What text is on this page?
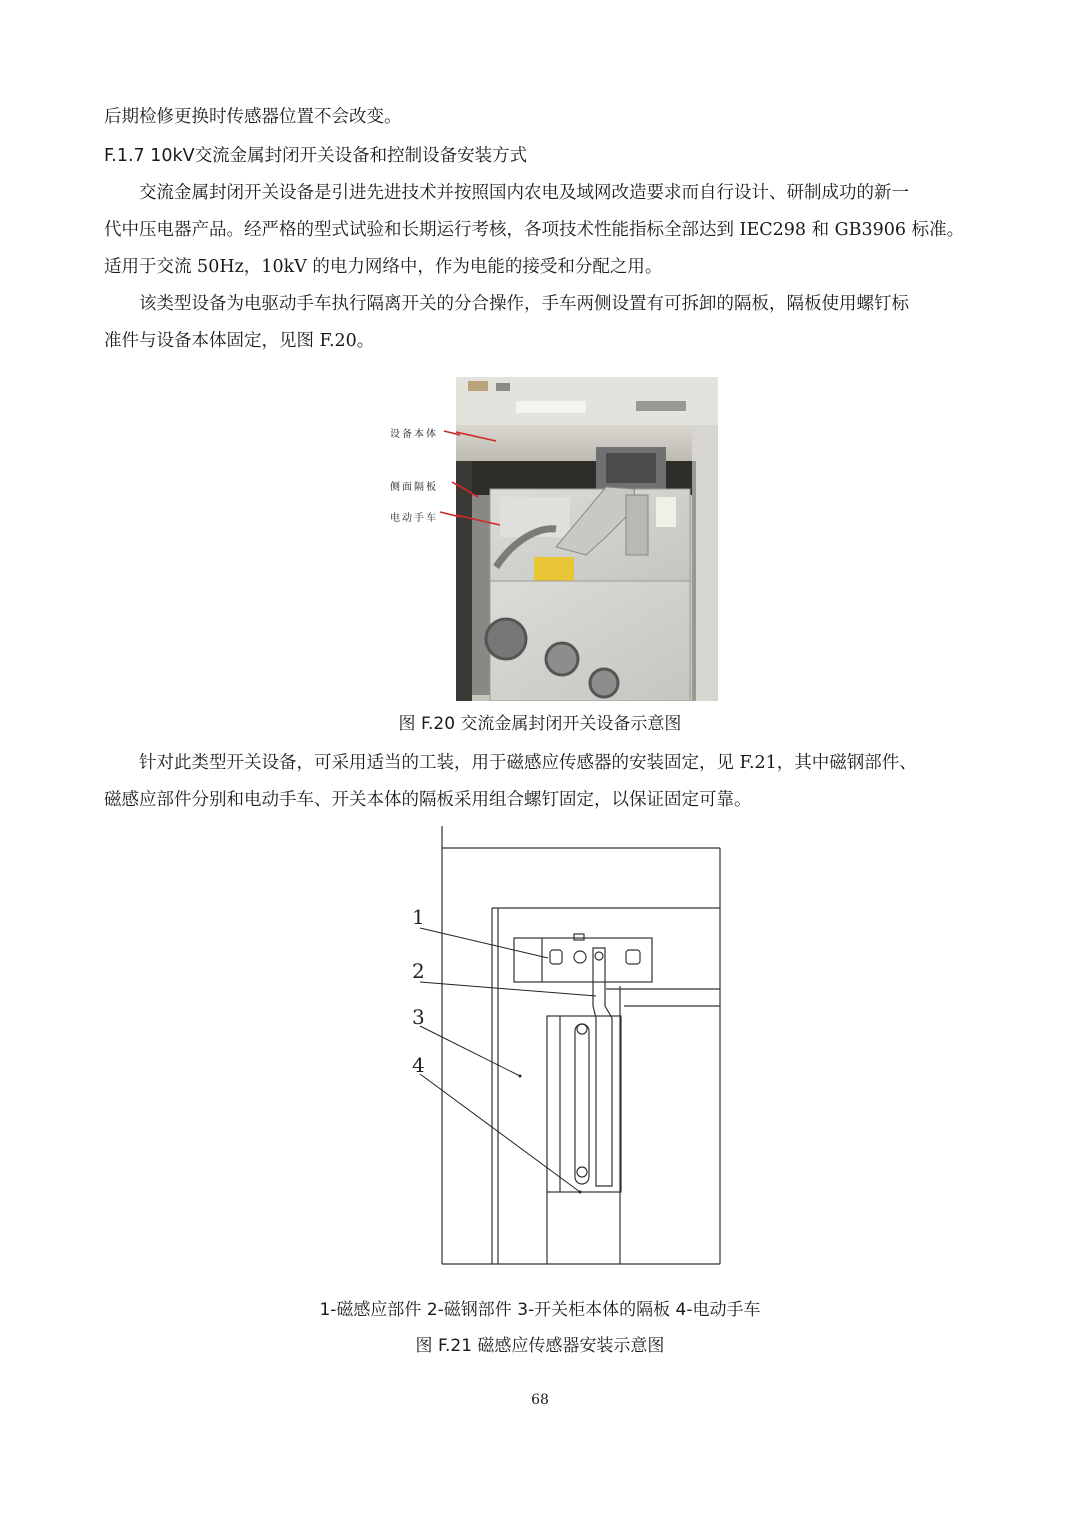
后期检修更换时传感器位置不会改变。

F.1.7 10kV交流金属封闭开关设备和控制设备安装方式

交流金属封闭开关设备是引进先进技术并按照国内农电及域网改造要求而自行设计、研制成功的新一

代中压电器产品。经严格的型式试验和长期运行考核，各项技术性能指标全部达到 IEC298 和 GB3906 标准。

适用于交流 50Hz，10kV 的电力网络中，作为电能的接受和分配之用。

该类型设备为电驱动手车执行隔离开关的分合操作，手车两侧设置有可拆卸的隔板，隔板使用螺钉标

准件与设备本体固定，见图 F.20。

设备本体
侧面隔板
电动手车
图 F.20 交流金属封闭开关设备示意图

针对此类型开关设备，可采用适当的工装，用于磁感应传感器的安装固定，见 F.21，其中磁钢部件、

磁感应部件分别和电动手车、开关本体的隔板采用组合螺钉固定，以保证固定可靠。

1
2
3
4
1-磁感应部件 2-磁钢部件 3-开关柜本体的隔板 4-电动手车
图 F.21 磁感应传感器安装示意图
68
